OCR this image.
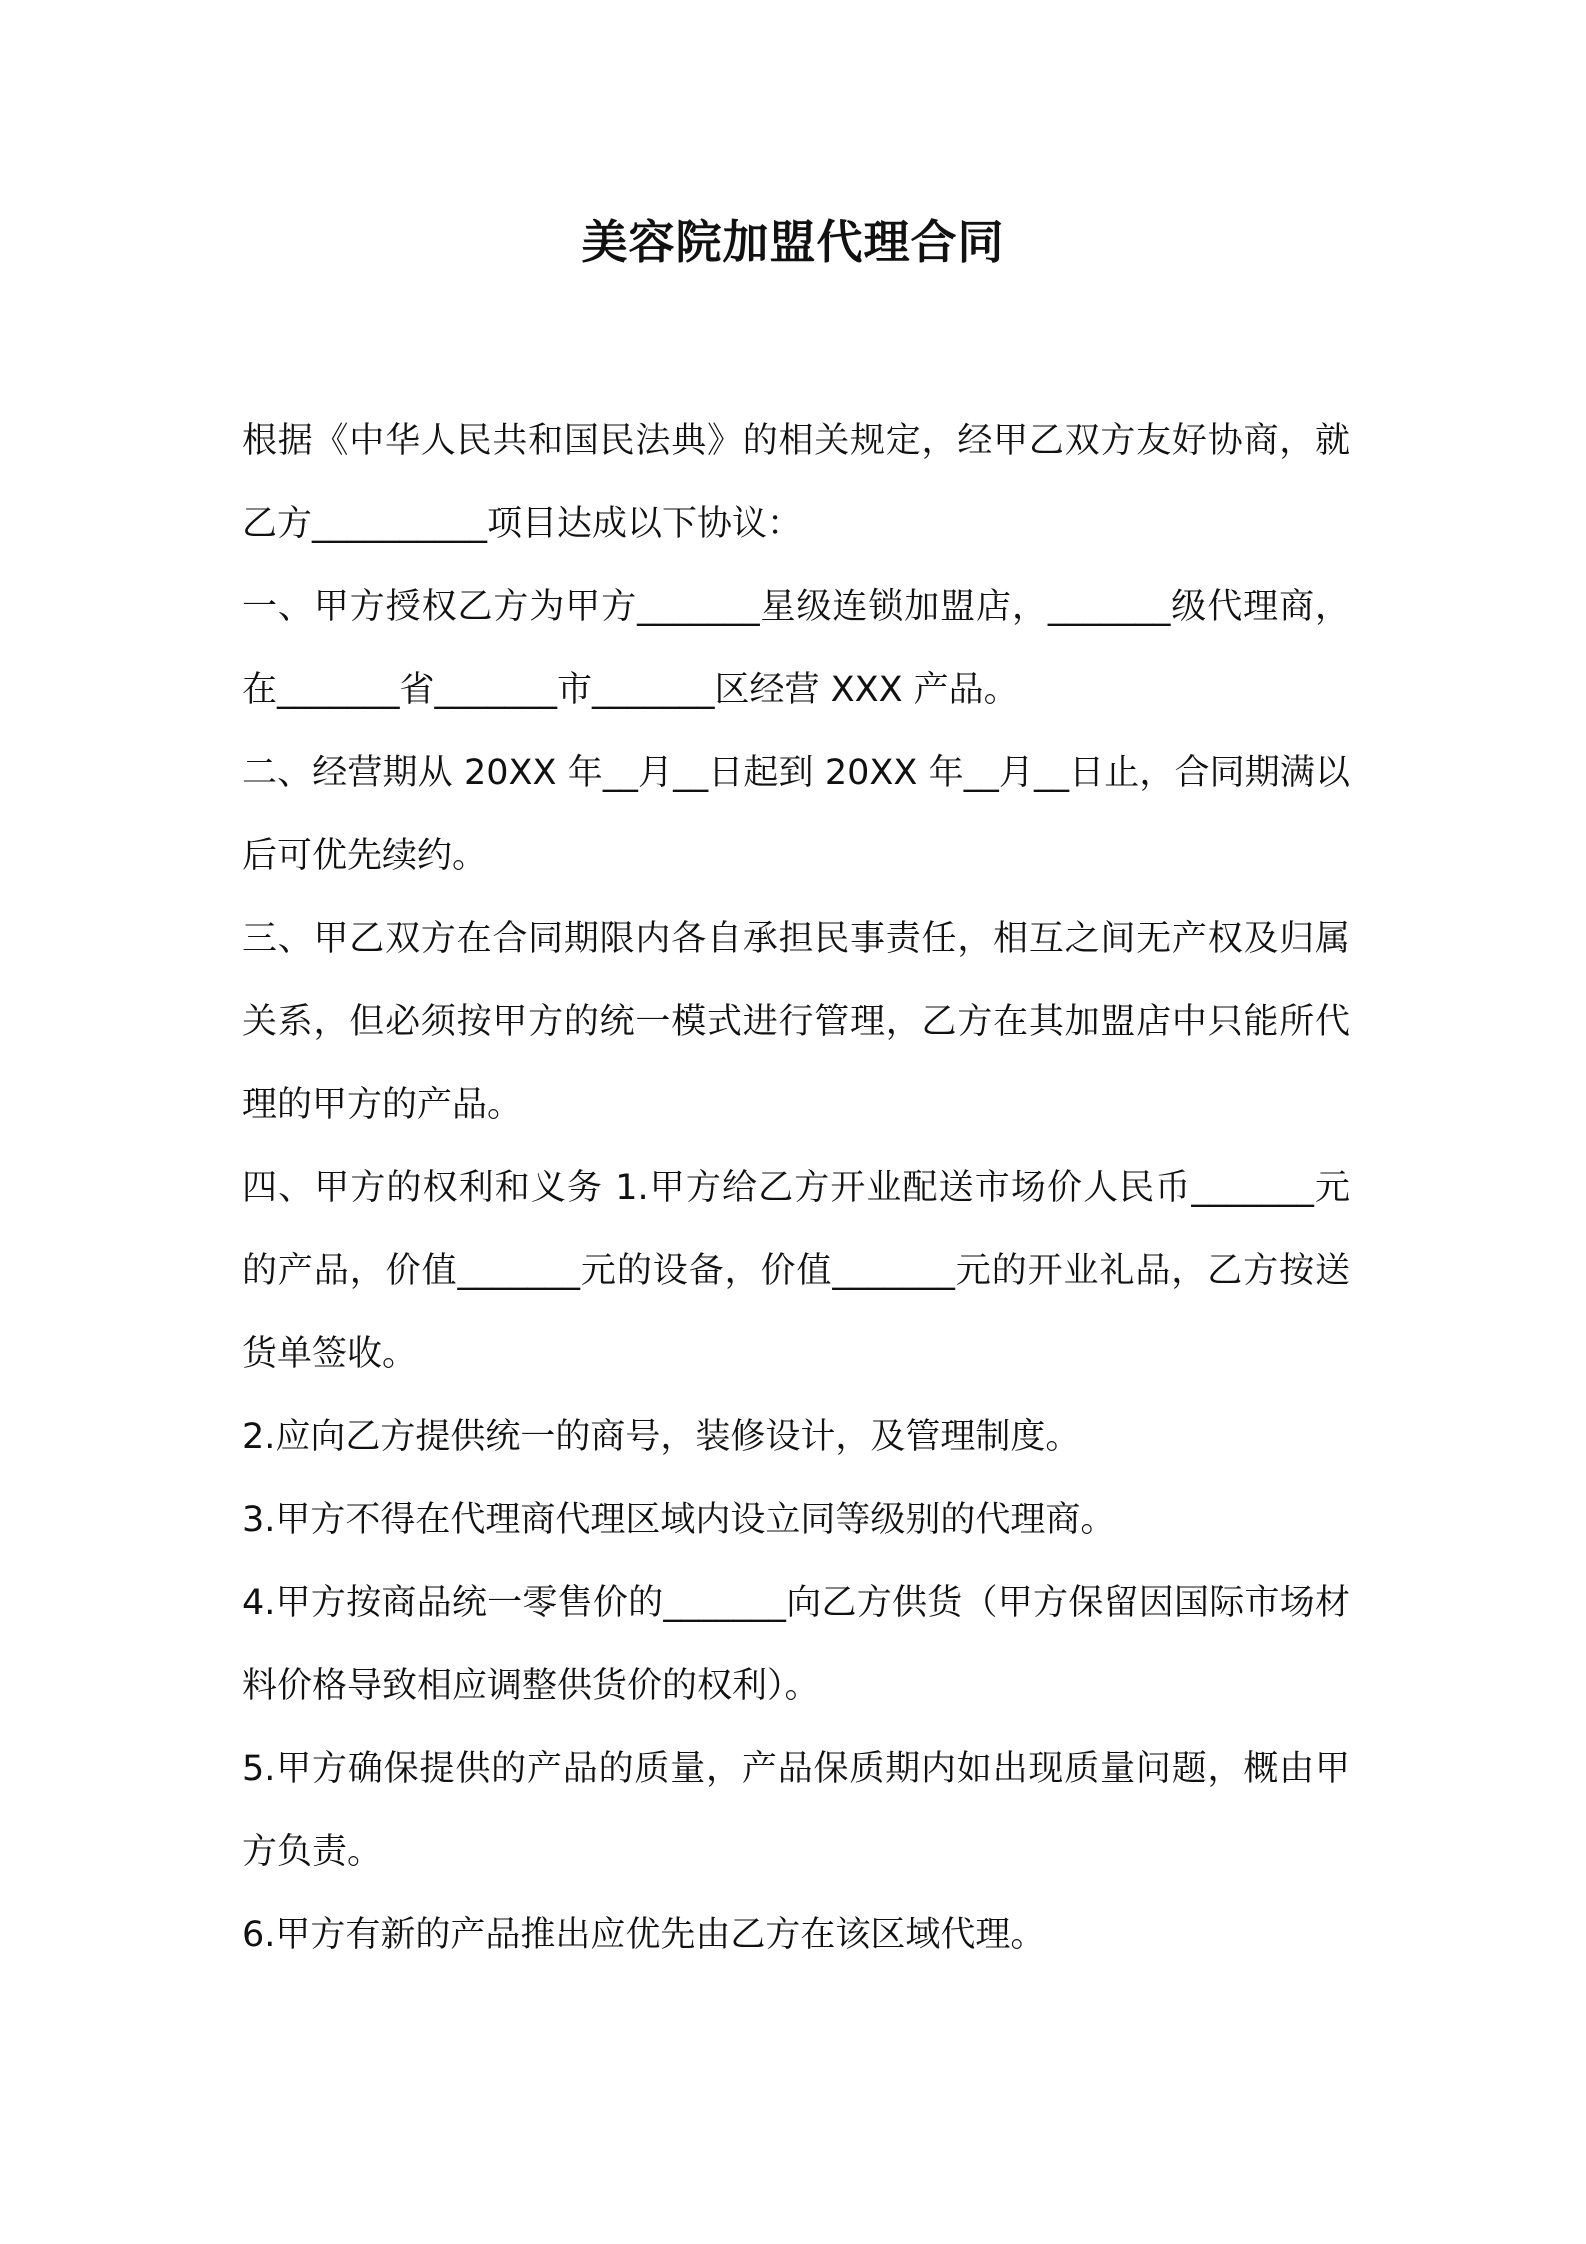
美容院加盟代理合同

根据《中华人民共和国民法典》的相关规定，经甲乙双方友好协商，就乙方__________项目达成以下协议：

一、甲方授权乙方为甲方_______星级连锁加盟店，_______级代理商，在_______省_______市_______区经营 XXX 产品。

二、经营期从 20XX 年__月__日起到 20XX 年__月__日止，合同期满以后可优先续约。

三、甲乙双方在合同期限内各自承担民事责任，相互之间无产权及归属关系，但必须按甲方的统一模式进行管理，乙方在其加盟店中只能所代理的甲方的产品。

四、甲方的权利和义务 1.甲方给乙方开业配送市场价人民币_______元的产品，价值_______元的设备，价值_______元的开业礼品，乙方按送货单签收。

2.应向乙方提供统一的商号，装修设计，及管理制度。

3.甲方不得在代理商代理区域内设立同等级别的代理商。

4.甲方按商品统一零售价的_______向乙方供货（甲方保留因国际市场材料价格导致相应调整供货价的权利）。

5.甲方确保提供的产品的质量，产品保质期内如出现质量问题，概由甲方负责。

6.甲方有新的产品推出应优先由乙方在该区域代理。
